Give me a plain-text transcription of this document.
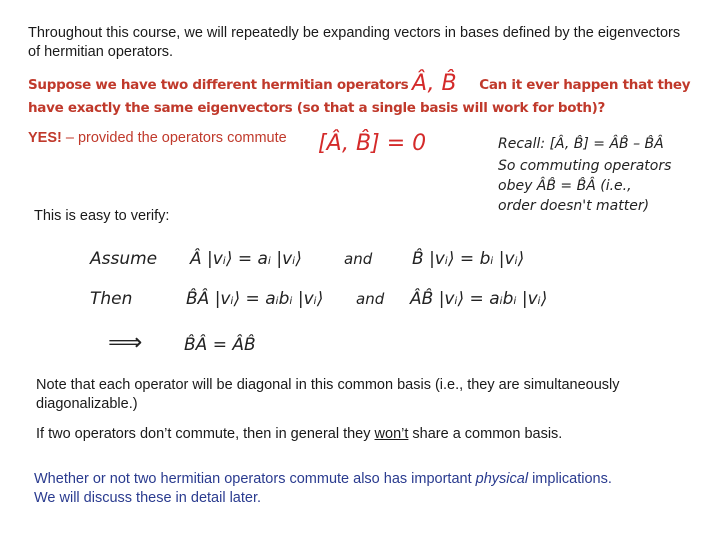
Throughout this course, we will repeatedly be expanding vectors in bases defined by the eigenvectors of hermitian operators.
Suppose we have two different hermitian operators	Can it ever happen that they
have exactly the same eigenvectors (so that a single basis will work for both)?
YES! – provided the operators commute
This is easy to verify:
Note that each operator will be diagonal in this common basis (i.e., they are simultaneously diagonalizable.)
If two operators don’t commute, then in general they won’t share a common basis.
Whether or not two hermitian operators commute also has important physical implications. We will discuss these in detail later.
Â, B̂
[Â, B̂] = 0	Recall: [Â, B̂] = ÂB̂ – B̂Â
So commuting operators
obey ÂB̂ = B̂Â (i.e.,
order doesn't matter)
Assume Â |vᵢ⟩ = aᵢ |vᵢ⟩	and B̂ |vᵢ⟩ = bᵢ |vᵢ⟩
Then	B̂Â |vᵢ⟩ = aᵢbᵢ |vᵢ⟩ and ÂB̂ |vᵢ⟩ = aᵢbᵢ |vᵢ⟩
⟹ B̂Â = ÂB̂
